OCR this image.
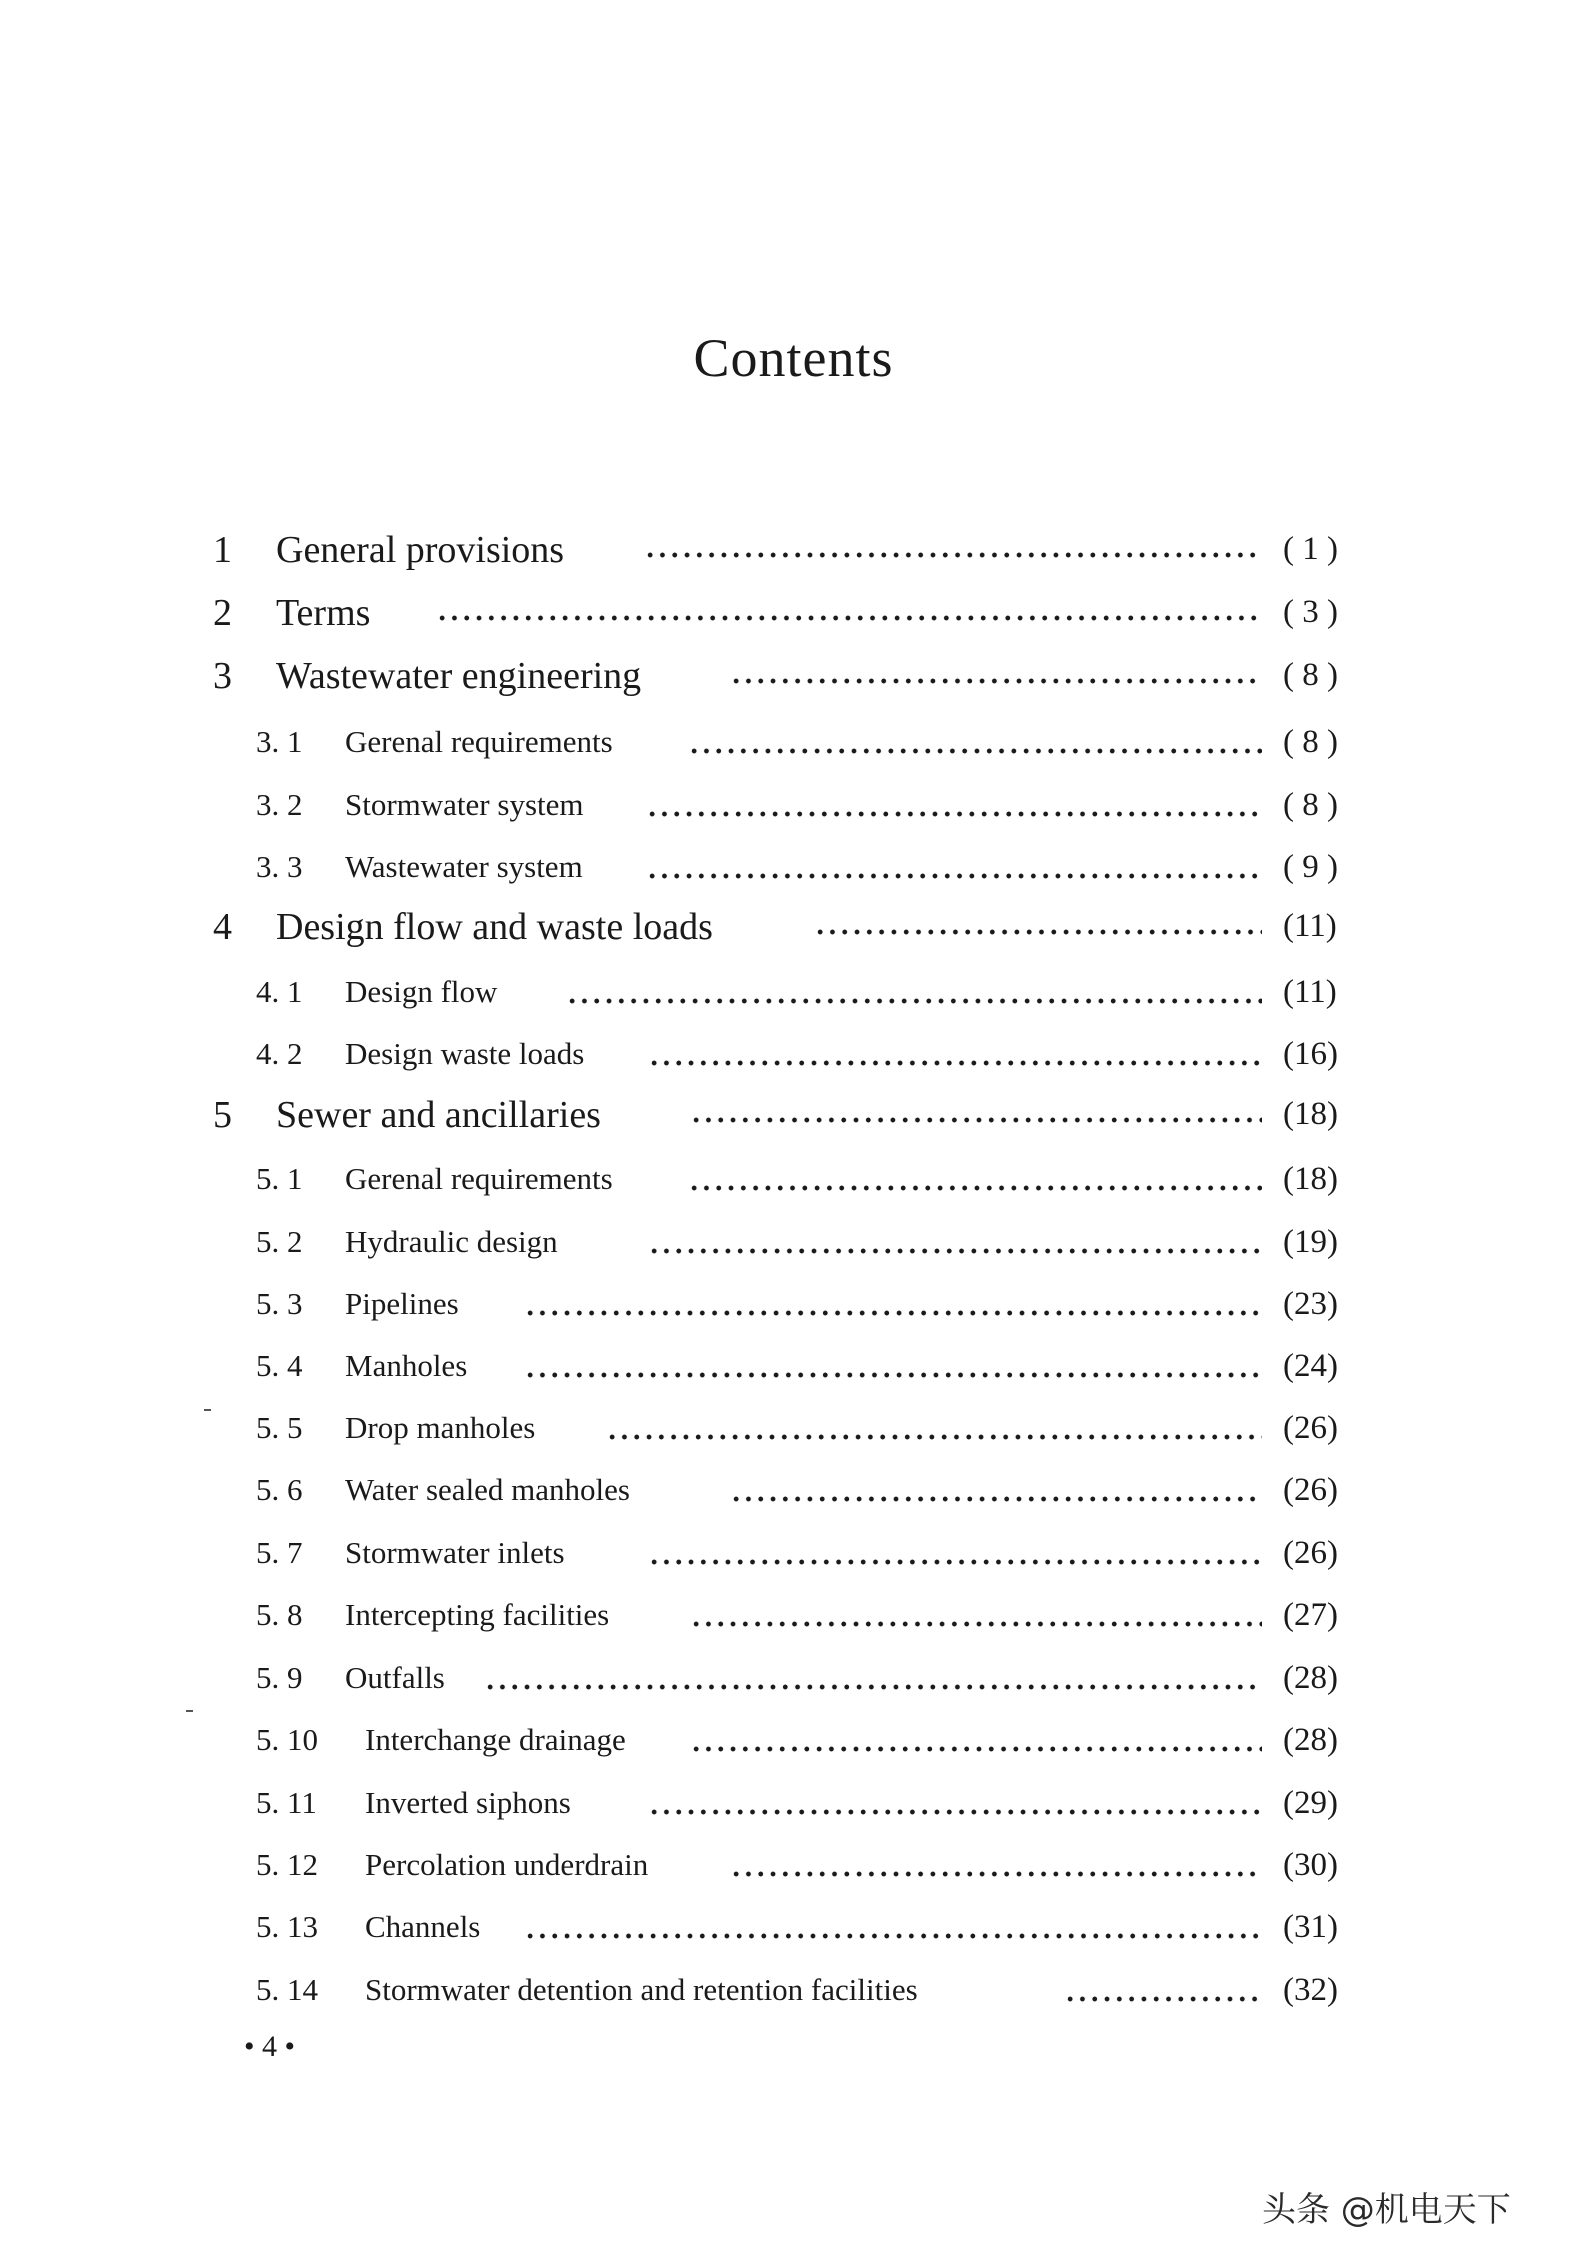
Contents
1 General provisions	( 1 )
2 Terms	( 3 )
3 Wastewater engineering	( 8 )
3. 1 Gerenal requirements	( 8 )
3. 2 Stormwater system	( 8 )
3. 3 Wastewater system	( 9 )
4 Design flow and waste loads	(11)
4. 1 Design flow	(11)
4. 2 Design waste loads	(16)
5 Sewer and ancillaries	(18)
5. 1 Gerenal requirements	(18)
5. 2 Hydraulic design	(19)
5. 3 Pipelines	(23)
5. 4 Manholes	(24)
5. 5 Drop manholes	(26)
5. 6 Water sealed manholes	(26)
5. 7 Stormwater inlets	(26)
5. 8 Intercepting facilities	(27)
5. 9 Outfalls	(28)
5. 10 Interchange drainage	(28)
5. 11 Inverted siphons	(29)
5. 12 Percolation underdrain	(30)
5. 13 Channels	(31)
5. 14 Stormwater detention and retention facilities	(32)
• 4 •
头条 @机电天下
